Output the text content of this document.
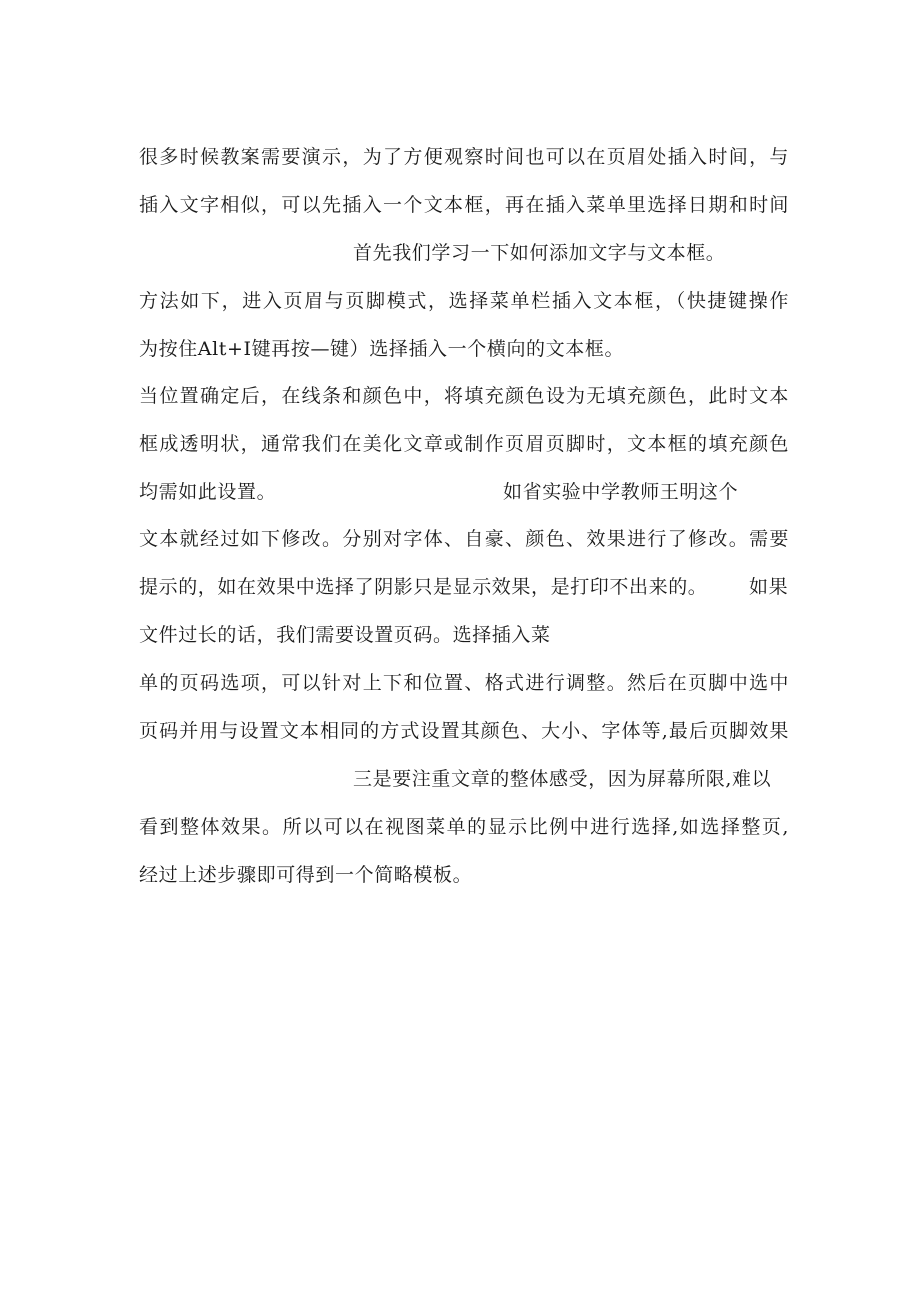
很多时候教案需要演示，为了方便观察时间也可以在页眉处插入时间，与
插入文字相似，可以先插入一个文本框，再在插入菜单里选择日期和时间
首先我们学习一下如何添加文字与文本框。
方法如下，进入页眉与页脚模式，选择菜单栏插入文本框，（快捷键操作
为按住Alt+I键再按—键）选择插入一个横向的文本框。
当位置确定后，在线条和颜色中，将填充颜色设为无填充颜色，此时文本
框成透明状，通常我们在美化文章或制作页眉页脚时，文本框的填充颜色
均需如此设置。	如省实验中学教师王明这个
文本就经过如下修改。分别对字体、自豪、颜色、效果进行了修改。需要
提示的，如在效果中选择了阴影只是显示效果，是打印不出来的。 如果
文件过长的话，我们需要设置页码。选择插入菜
单的页码选项，可以针对上下和位置、格式进行调整。然后在页脚中选中
页码并用与设置文本相同的方式设置其颜色、大小、字体等,最后页脚效果
三是要注重文章的整体感受，因为屏幕所限,难以
看到整体效果。所以可以在视图菜单的显示比例中进行选择,如选择整页,
经过上述步骤即可得到一个简略模板。
